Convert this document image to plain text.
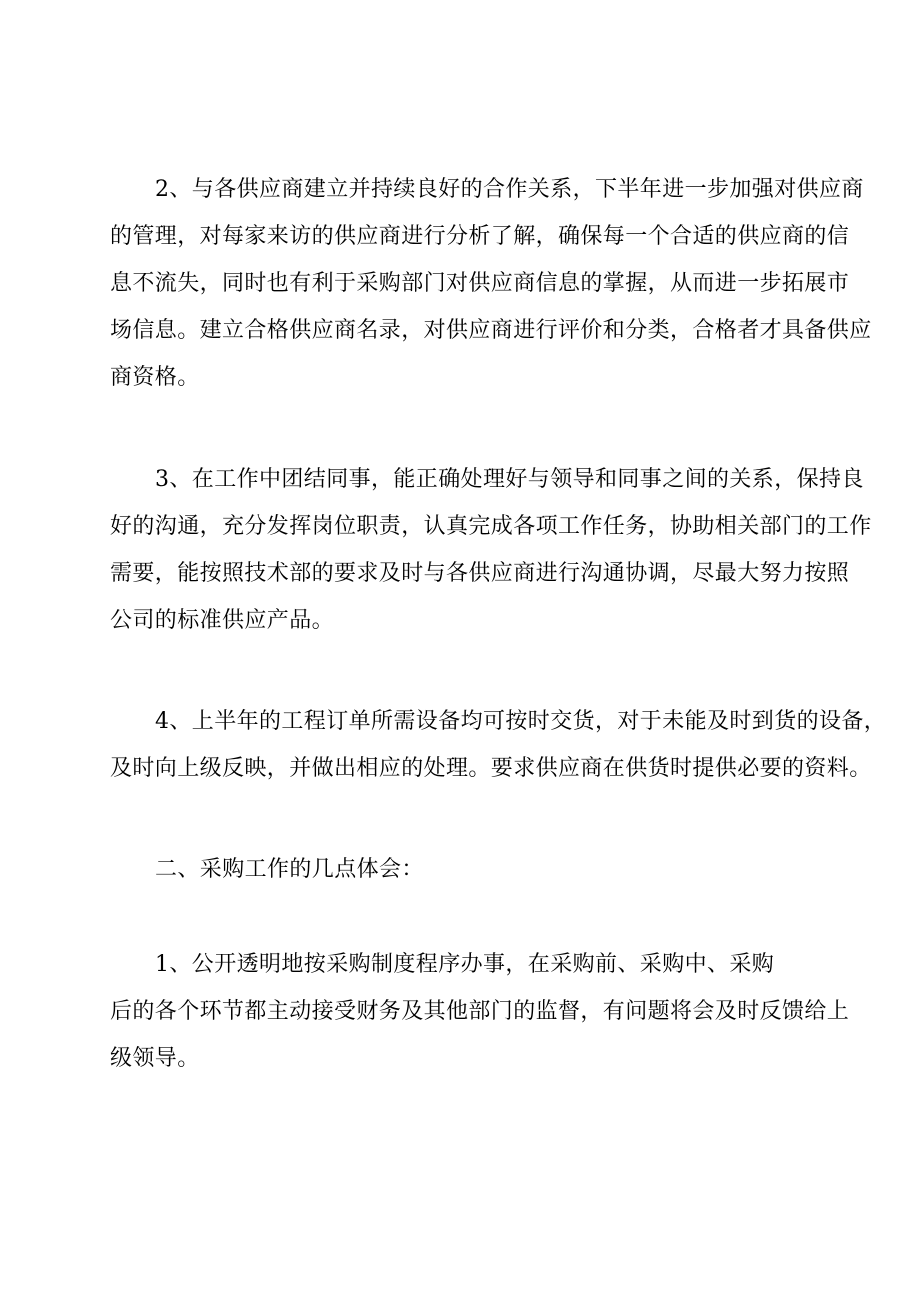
2、与各供应商建立并持续良好的合作关系，下半年进一步加强对供应商
的管理，对每家来访的供应商进行分析了解，确保每一个合适的供应商的信
息不流失，同时也有利于采购部门对供应商信息的掌握，从而进一步拓展市
场信息。建立合格供应商名录，对供应商进行评价和分类，合格者才具备供应
商资格。
3、在工作中团结同事，能正确处理好与领导和同事之间的关系，保持良
好的沟通，充分发挥岗位职责，认真完成各项工作任务，协助相关部门的工作
需要，能按照技术部的要求及时与各供应商进行沟通协调，尽最大努力按照
公司的标准供应产品。
4、上半年的工程订单所需设备均可按时交货，对于未能及时到货的设备，
及时向上级反映，并做出相应的处理。要求供应商在供货时提供必要的资料。
二、采购工作的几点体会：
1、公开透明地按采购制度程序办事，在采购前、采购中、采购
后的各个环节都主动接受财务及其他部门的监督，有问题将会及时反馈给上
级领导。
